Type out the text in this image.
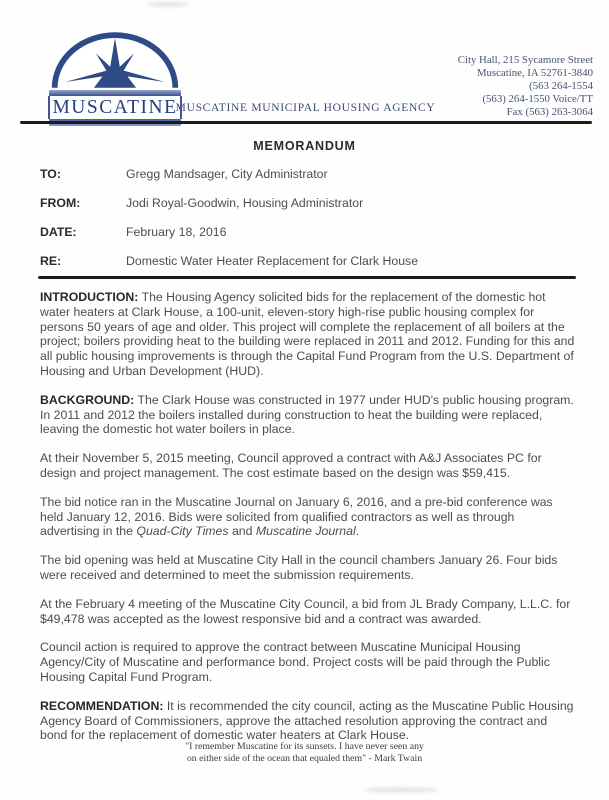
MUSCATINE
MUSCATINE MUNICIPAL HOUSING AGENCY
City Hall, 215 Sycamore Street
Muscatine, IA 52761-3840
(563 264-1554
(563) 264-1550 Voice/TT
Fax (563) 263-3064
MEMORANDUM
TO:	Gregg Mandsager, City Administrator
FROM:	Jodi Royal-Goodwin, Housing Administrator
DATE:	February 18, 2016
RE:	Domestic Water Heater Replacement for Clark House

INTRODUCTION: The Housing Agency solicited bids for the replacement of the domestic hot water heaters at Clark House, a 100-unit, eleven-story high-rise public housing complex for persons 50 years of age and older. This project will complete the replacement of all boilers at the project; boilers providing heat to the building were replaced in 2011 and 2012. Funding for this and all public housing improvements is through the Capital Fund Program from the U.S. Department of Housing and Urban Development (HUD).

BACKGROUND: The Clark House was constructed in 1977 under HUD's public housing program. In 2011 and 2012 the boilers installed during construction to heat the building were replaced, leaving the domestic hot water boilers in place.

At their November 5, 2015 meeting, Council approved a contract with A&J Associates PC for design and project management. The cost estimate based on the design was $59,415.

The bid notice ran in the Muscatine Journal on January 6, 2016, and a pre-bid conference was held January 12, 2016. Bids were solicited from qualified contractors as well as through advertising in the Quad-City Times and Muscatine Journal.

The bid opening was held at Muscatine City Hall in the council chambers January 26. Four bids were received and determined to meet the submission requirements.

At the February 4 meeting of the Muscatine City Council, a bid from JL Brady Company, L.L.C. for $49,478 was accepted as the lowest responsive bid and a contract was awarded.

Council action is required to approve the contract between Muscatine Municipal Housing Agency/City of Muscatine and performance bond. Project costs will be paid through the Public Housing Capital Fund Program.

RECOMMENDATION: It is recommended the city council, acting as the Muscatine Public Housing Agency Board of Commissioners, approve the attached resolution approving the contract and bond for the replacement of domestic water heaters at Clark House.

"I remember Muscatine for its sunsets. I have never seen any
on either side of the ocean that equaled them" - Mark Twain
